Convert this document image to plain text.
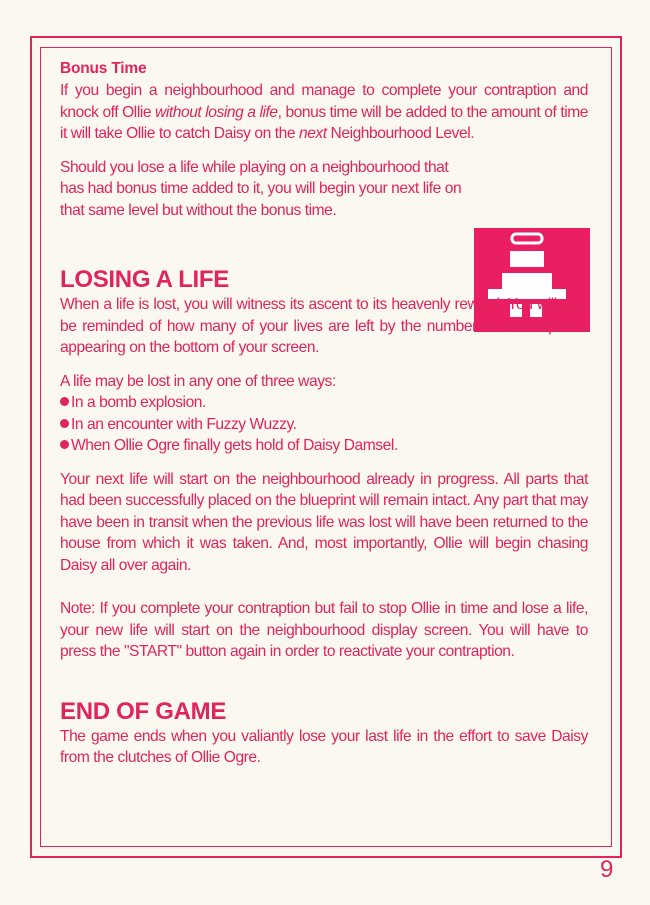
Bonus Time

If you begin a neighbourhood and manage to complete your contraption and knock off Ollie without losing a life, bonus time will be added to the amount of time it will take Ollie to catch Daisy on the next Neighbourhood Level.

Should you lose a life while playing on a neighbourhood that has had bonus time added to it, you will begin your next life on that same level but without the bonus time.

LOSING A LIFE

When a life is lost, you will witness its ascent to its heavenly reward. You will also be reminded of how many of your lives are left by the number of solid squares appearing on the bottom of your screen.

A life may be lost in any one of three ways:

In a bomb explosion.

In an encounter with Fuzzy Wuzzy.

When Ollie Ogre finally gets hold of Daisy Damsel.

Your next life will start on the neighbourhood already in progress. All parts that had been successfully placed on the blueprint will remain intact. Any part that may have been in transit when the previous life was lost will have been returned to the house from which it was taken. And, most importantly, Ollie will begin chasing Daisy all over again.

Note: If you complete your contraption but fail to stop Ollie in time and lose a life, your new life will start on the neighbourhood display screen. You will have to press the "START" button again in order to reactivate your contraption.

END OF GAME

The game ends when you valiantly lose your last life in the effort to save Daisy from the clutches of Ollie Ogre.

9
